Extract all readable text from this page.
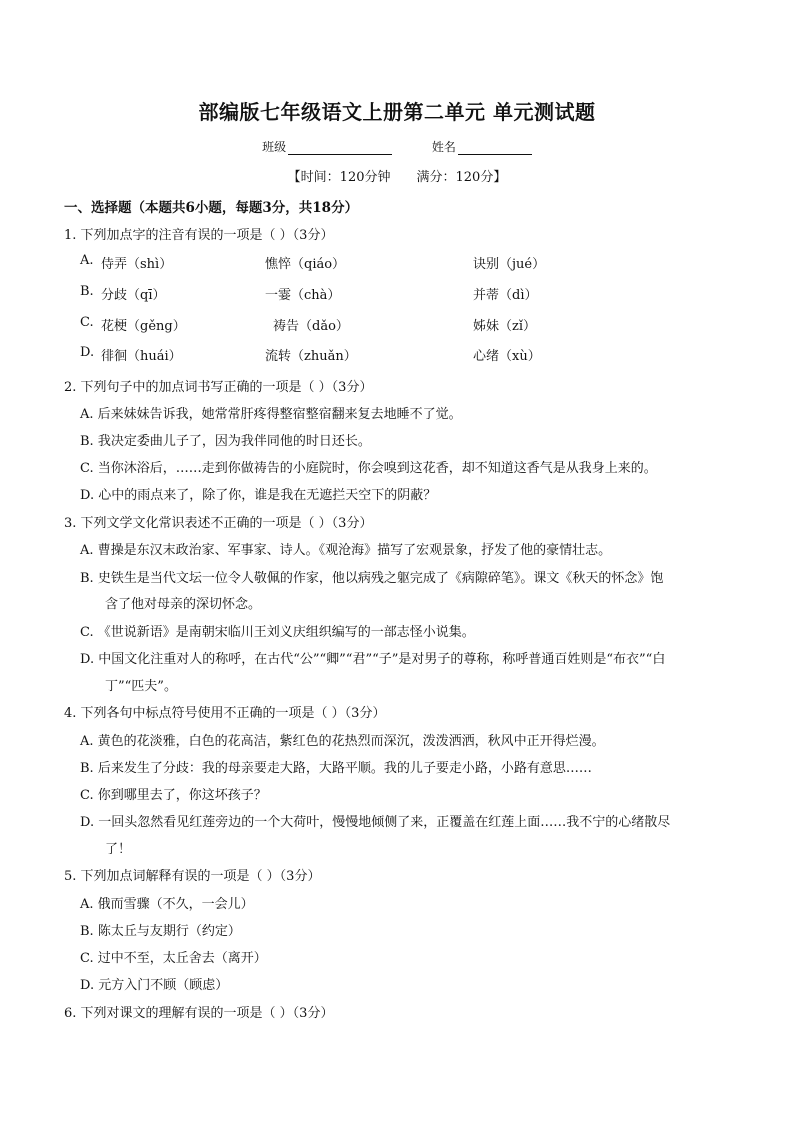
部编版七年级语文上册第二单元 单元测试题
班级	姓名
【时间：120分钟 满分：120分】
一、选择题（本题共6小题，每题3分，共18分）
1. 下列加点字的注音有误的一项是（ ）（3分）
A. 侍弄（shì）	憔悴（qiáo）	诀别（jué）
B. 分歧（qī）	一霎（chà）	并蒂（dì）
C. 花梗（gěng）	祷告（dǎo）	姊妹（zǐ）
D. 徘徊（huái）	流转（zhuǎn）	心绪（xù）
2. 下列句子中的加点词书写正确的一项是（ ）（3分）
A. 后来妹妹告诉我，她常常肝疼得整宿整宿翻来复去地睡不了觉。
B. 我决定委曲儿子了，因为我伴同他的时日还长。
C. 当你沐浴后，……走到你做祷告的小庭院时，你会嗅到这花香，却不知道这香气是从我身上来的。
D. 心中的雨点来了，除了你，谁是我在无遮拦天空下的阴蔽？
3. 下列文学文化常识表述不正确的一项是（ ）（3分）
A. 曹操是东汉末政治家、军事家、诗人。《观沧海》描写了宏观景象，抒发了他的豪情壮志。
B. 史铁生是当代文坛一位令人敬佩的作家，他以病残之躯完成了《病隙碎笔》。课文《秋天的怀念》饱
含了他对母亲的深切怀念。
C. 《世说新语》是南朝宋临川王刘义庆组织编写的一部志怪小说集。
D. 中国文化注重对人的称呼，在古代“公”“卿”“君”“子”是对男子的尊称，称呼普通百姓则是“布衣”“白
丁”“匹夫”。
4. 下列各句中标点符号使用不正确的一项是（ ）（3分）
A. 黄色的花淡雅，白色的花高洁，紫红色的花热烈而深沉，泼泼洒洒，秋风中正开得烂漫。
B. 后来发生了分歧：我的母亲要走大路，大路平顺。我的儿子要走小路，小路有意思……
C. 你到哪里去了，你这坏孩子？
D. 一回头忽然看见红莲旁边的一个大荷叶，慢慢地倾侧了来，正覆盖在红莲上面……我不宁的心绪散尽
了！
5. 下列加点词解释有误的一项是（ ）（3分）
A. 俄而雪骤（不久，一会儿）
B. 陈太丘与友期行（约定）
C. 过中不至，太丘舍去（离开）
D. 元方入门不顾（顾虑）
6. 下列对课文的理解有误的一项是（ ）（3分）
